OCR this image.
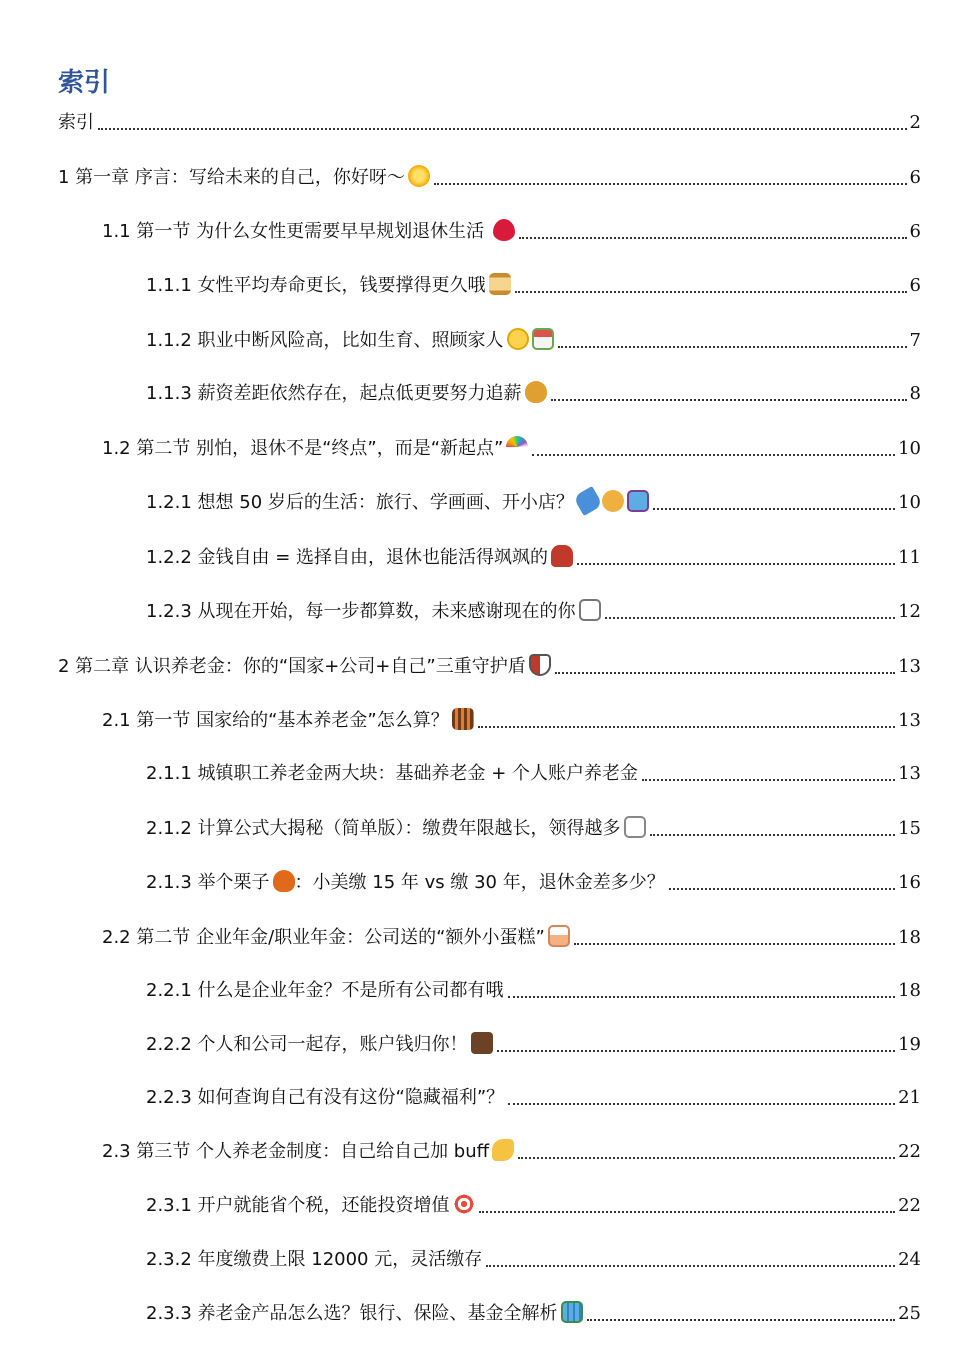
索引
索引	2
1 第一章 序言：写给未来的自己，你好呀～	6
1.1 第一节 为什么女性更需要早早规划退休生活	6
1.1.1 女性平均寿命更长，钱要撑得更久哦	6
1.1.2 职业中断风险高，比如生育、照顾家人	7
1.1.3 薪资差距依然存在，起点低更要努力追薪	8
1.2 第二节 别怕，退休不是“终点”，而是“新起点”	10
1.2.1 想想 50 岁后的生活：旅行、学画画、开小店？	10
1.2.2 金钱自由 = 选择自由，退休也能活得飒飒的	11
1.2.3 从现在开始，每一步都算数，未来感谢现在的你	12
2 第二章 认识养老金：你的“国家+公司+自己”三重守护盾	13
2.1 第一节 国家给的“基本养老金”怎么算？	13
2.1.1 城镇职工养老金两大块：基础养老金 + 个人账户养老金	13
2.1.2 计算公式大揭秘（简单版）：缴费年限越长，领得越多	15
2.1.3 举个栗子 ：小美缴 15 年 vs 缴 30 年，退休金差多少？	16
2.2 第二节 企业年金/职业年金：公司送的“额外小蛋糕”	18
2.2.1 什么是企业年金？不是所有公司都有哦	18
2.2.2 个人和公司一起存，账户钱归你！	19
2.2.3 如何查询自己有没有这份“隐藏福利”？	21
2.3 第三节 个人养老金制度：自己给自己加 buff	22
2.3.1 开户就能省个税，还能投资增值	22
2.3.2 年度缴费上限 12000 元，灵活缴存	24
2.3.3 养老金产品怎么选？银行、保险、基金全解析	25
